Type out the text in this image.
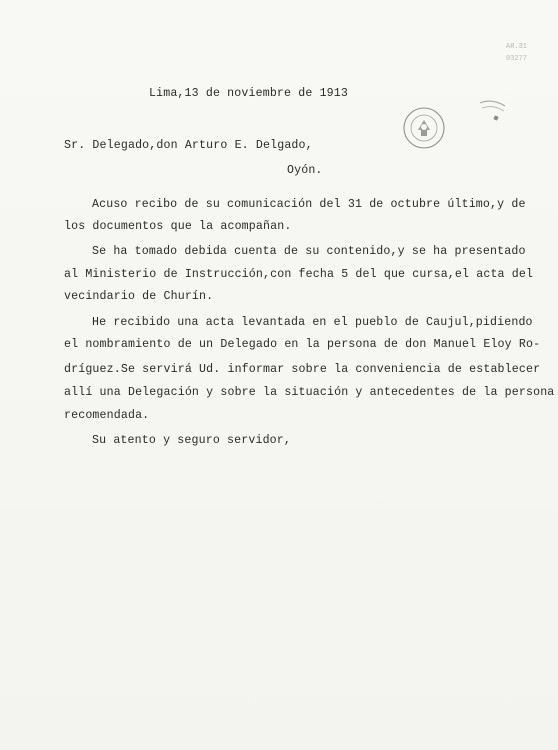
AR.31
03277
Lima,13 de noviembre de 1913
Sr. Delegado,don Arturo E. Delgado,
Oyón.
Acuso recibo de su comunicación del 31 de octubre último,y de
los documentos que la acompañan.
Se ha tomado debida cuenta de su contenido,y se ha presentado
al Ministerio de Instrucción,con fecha 5 del que cursa,el acta del
vecindario de Churín.
He recibido una acta levantada en el pueblo de Caujul,pidiendo
el nombramiento de un Delegado en la persona de don Manuel Eloy Ro-
dríguez.Se servirá Ud. informar sobre la conveniencia de establecer
allí una Delegación y sobre la situación y antecedentes de la persona
recomendada.
Su atento y seguro servidor,
